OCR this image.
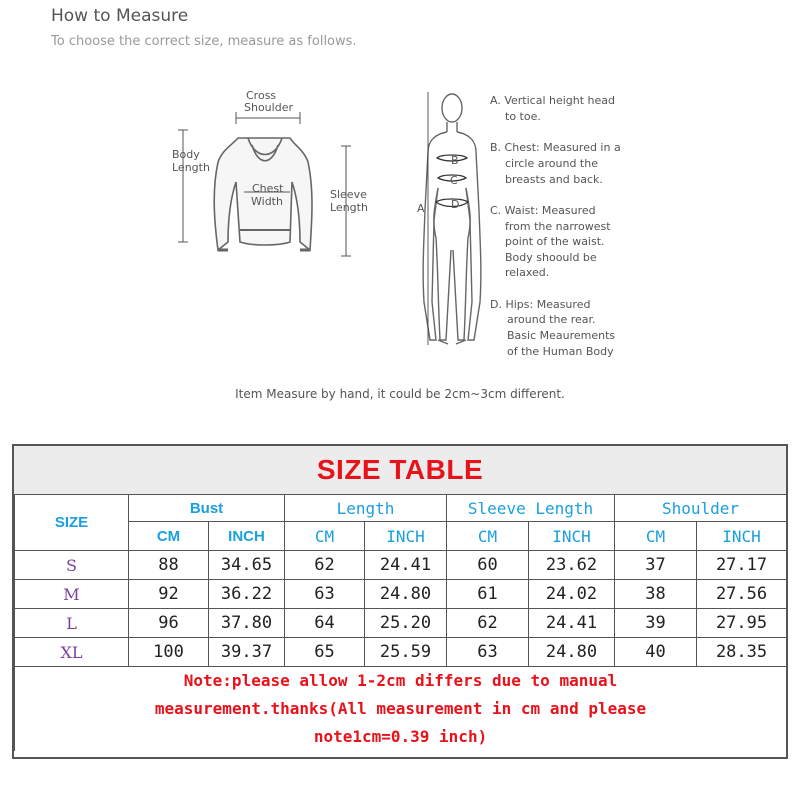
How to Measure
To choose the correct size, measure as follows.
Cross
Shoulder
Body
Length
Chest
Width
Sleeve
Length	A
B
C
D
A. Vertical height head
to toe.
B. Chest: Measured in a
circle around the
breasts and back.
C. Waist: Measured
from the narrowest
point of the waist.
Body shoould be
relaxed.
D. Hips: Measured
around the rear.
Basic Meaurements
of the Human Body
Item Measure by hand, it could be 2cm~3cm different.
SIZE TABLE
SIZE	Bust		Length		Sleeve Length		Shoulder	
	CM	INCH	CM	INCH	CM	INCH	CM	INCH
S	88	34.65	62	24.41	60	23.62	37	27.17
M	92	36.22	63	24.80	61	24.02	38	27.56
L	96	37.80	64	25.20	62	24.41	39	27.95
XL	100	39.37	65	25.59	63	24.80	40	28.35

Note:please allow 1-2cm differs due to manual
measurement.thanks(All measurement in cm and please
note1cm=0.39 inch)								
